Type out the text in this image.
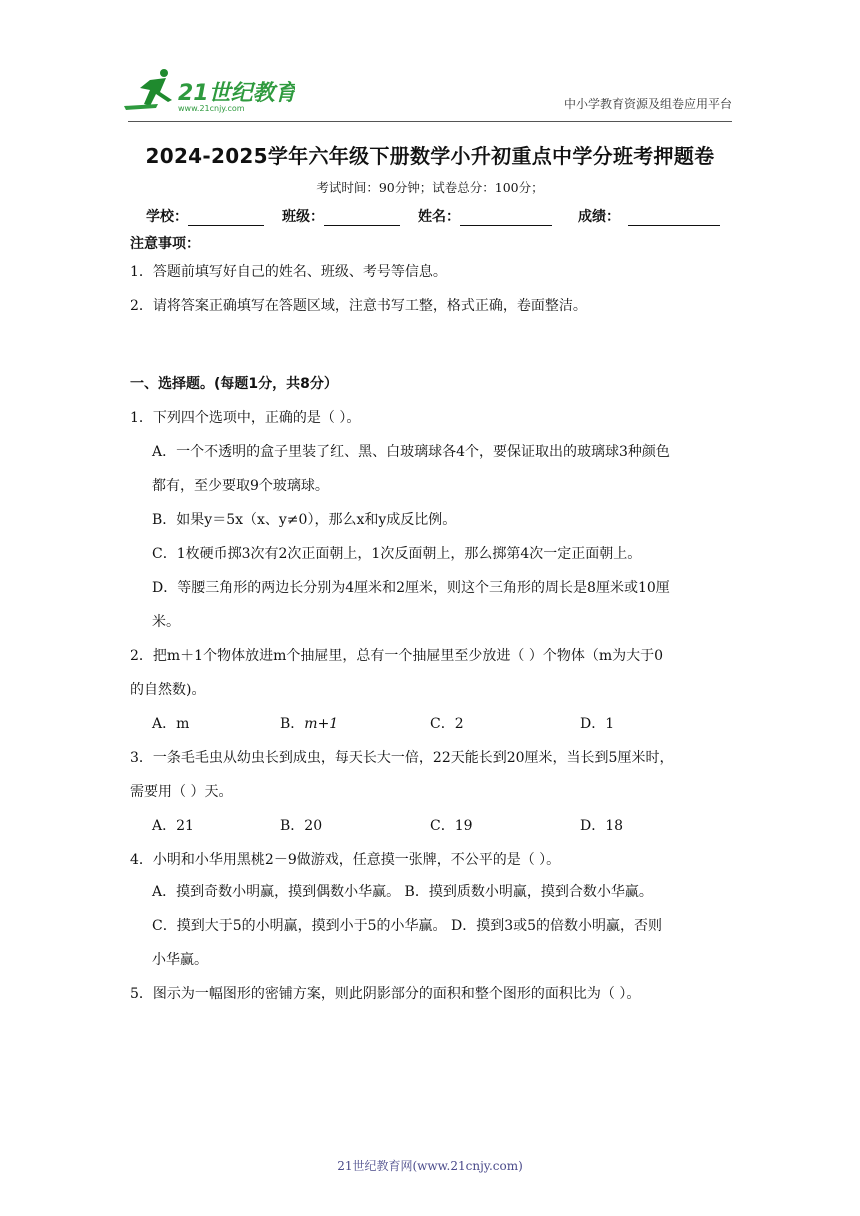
21世纪教育
www.21cnjy.com	中小学教育资源及组卷应用平台
2024-2025学年六年级下册数学小升初重点中学分班考押题卷
考试时间：90分钟；试卷总分：100分；
学校：	班级：	姓名：	成绩：
注意事项：
1．答题前填写好自己的姓名、班级、考号等信息。
2．请将答案正确填写在答题区域，注意书写工整，格式正确，卷面整洁。
一、选择题。(每题1分，共8分）
1．下列四个选项中，正确的是（ ）。
A．一个不透明的盒子里装了红、黑、白玻璃球各4个，要保证取出的玻璃球3种颜色
都有，至少要取9个玻璃球。
B．如果y＝5x（x、y≠0），那么x和y成反比例。
C．1枚硬币掷3次有2次正面朝上，1次反面朝上，那么掷第4次一定正面朝上。
D．等腰三角形的两边长分别为4厘米和2厘米，则这个三角形的周长是8厘米或10厘
米。
2．把m＋1个物体放进m个抽屉里，总有一个抽屉里至少放进（ ）个物体（m为大于0
的自然数)。
A．m	B．m+1	C．2	D．1
3．一条毛毛虫从幼虫长到成虫，每天长大一倍，22天能长到20厘米，当长到5厘米时，
需要用（ ）天。
A．21	B．20	C．19	D．18
4．小明和小华用黑桃2－9做游戏，任意摸一张牌，不公平的是（ ）。
A．摸到奇数小明赢，摸到偶数小华赢。 B．摸到质数小明赢，摸到合数小华赢。
C．摸到大于5的小明赢，摸到小于5的小华赢。 D．摸到3或5的倍数小明赢，否则
小华赢。
5．图示为一幅图形的密铺方案，则此阴影部分的面积和整个图形的面积比为（ ）。
21世纪教育网(www.21cnjy.com)
